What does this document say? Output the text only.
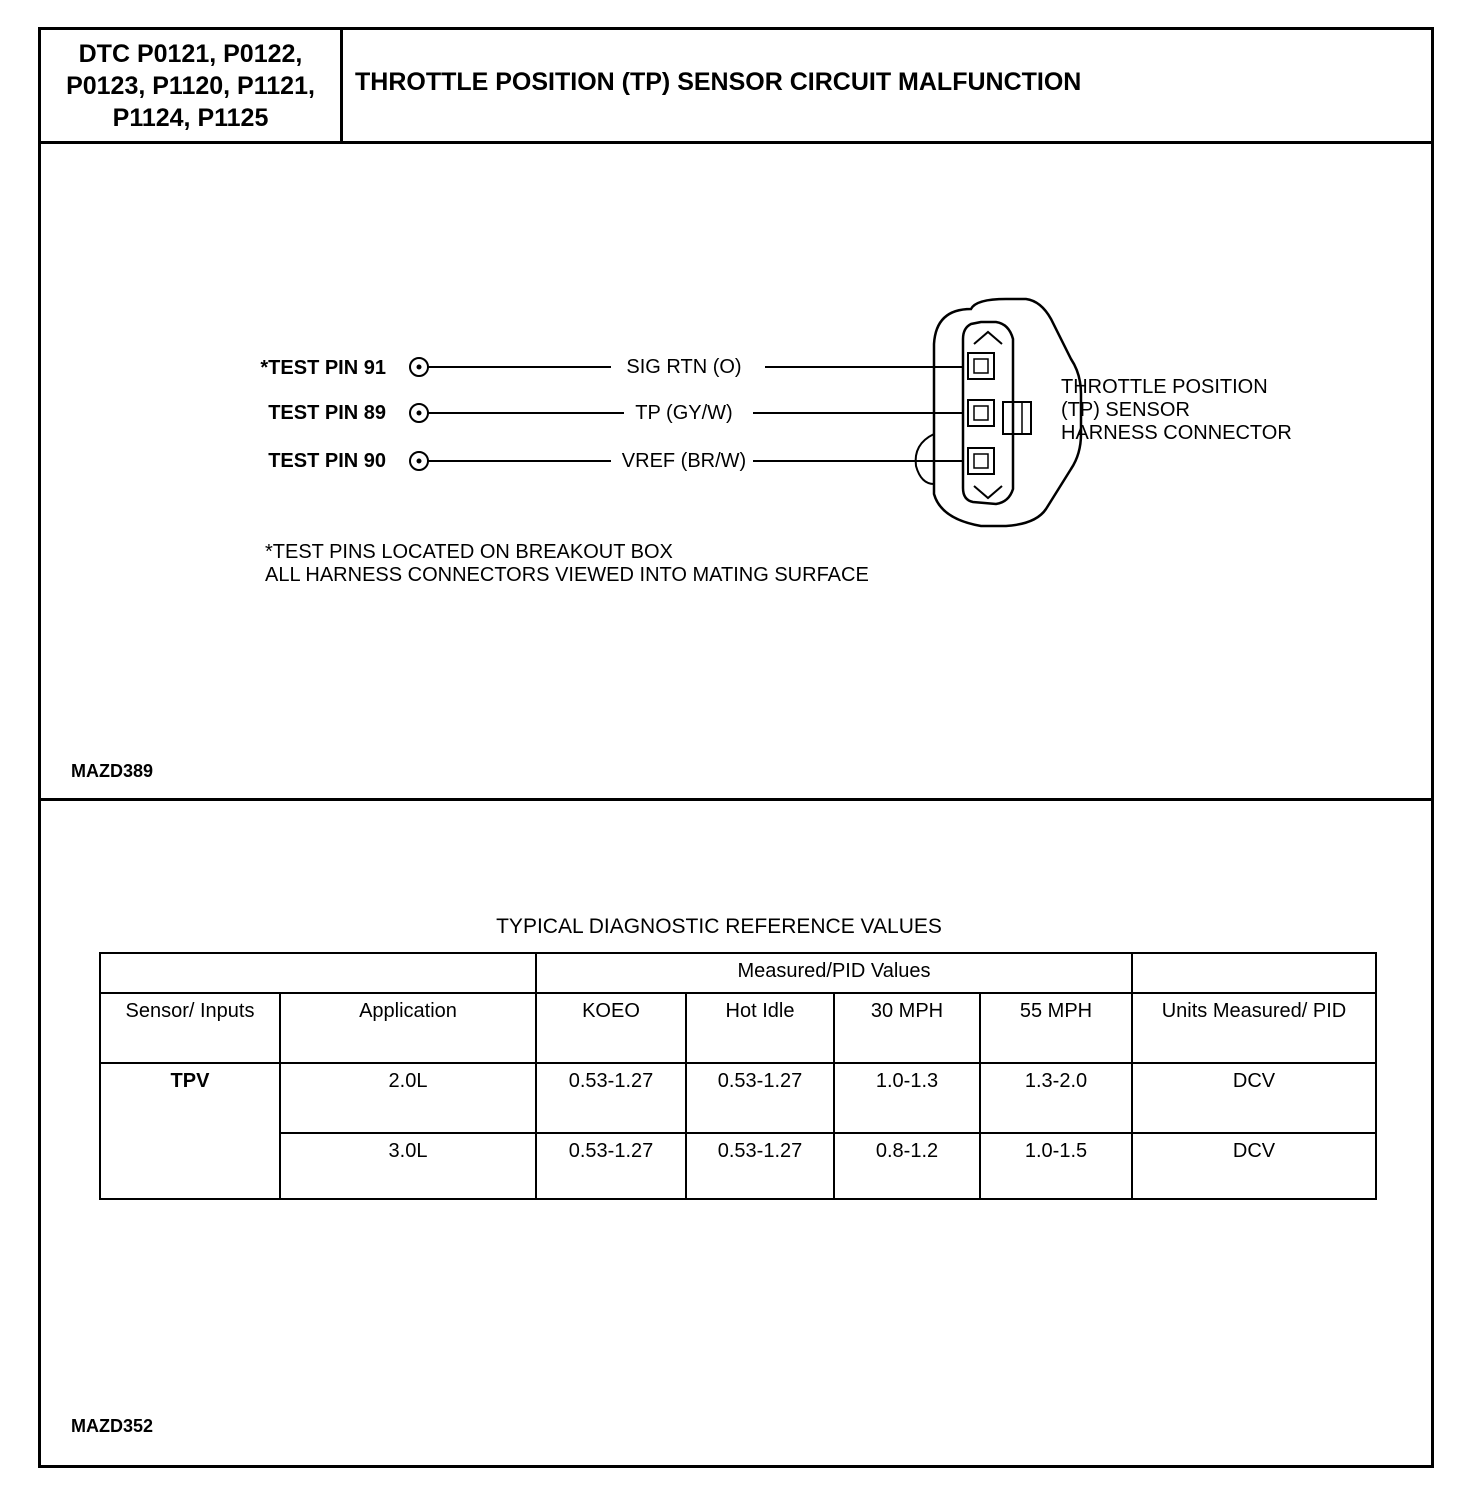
DTC P0121, P0122,
P0123, P1120, P1121,
P1124, P1125
THROTTLE POSITION (TP) SENSOR CIRCUIT MALFUNCTION
*TEST PIN 91
TEST PIN 89
TEST PIN 90
SIG RTN (O)
TP (GY/W)
VREF (BR/W)
THROTTLE POSITION
(TP) SENSOR
HARNESS CONNECTOR
*TEST PINS LOCATED ON BREAKOUT BOX
ALL HARNESS CONNECTORS VIEWED INTO MATING SURFACE
MAZD389
TYPICAL DIAGNOSTIC REFERENCE VALUES
		Measured/PID Values				
Sensor/ Inputs	Application	KOEO	Hot Idle	30 MPH	55 MPH	Units Measured/ PID
TPV	2.0L	0.53-1.27	0.53-1.27	1.0-1.3	1.3-2.0	DCV
	3.0L	0.53-1.27	0.53-1.27	0.8-1.2	1.0-1.5	DCV
MAZD352
